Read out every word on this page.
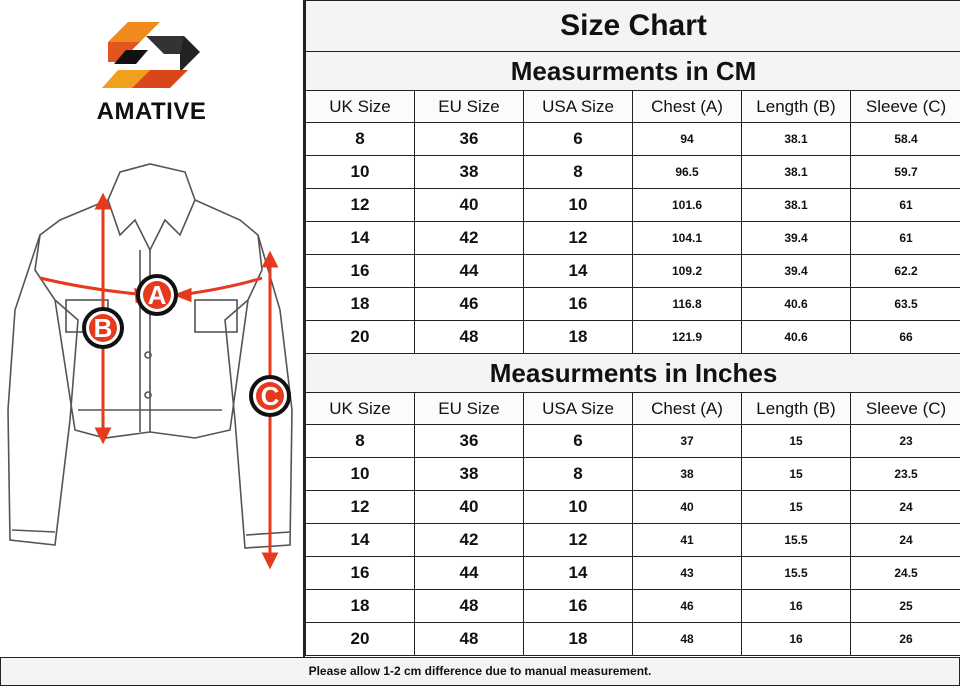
AMATIVE
A
B
C
Size Chart					
Measurments in CM					
UK Size	EU Size	USA Size	Chest (A)	Length (B)	Sleeve (C)
8	36	6	94	38.1	58.4
10	38	8	96.5	38.1	59.7
12	40	10	101.6	38.1	61
14	42	12	104.1	39.4	61
16	44	14	109.2	39.4	62.2
18	46	16	116.8	40.6	63.5
20	48	18	121.9	40.6	66
Measurments in Inches					
UK Size	EU Size	USA Size	Chest (A)	Length (B)	Sleeve (C)
8	36	6	37	15	23
10	38	8	38	15	23.5
12	40	10	40	15	24
14	42	12	41	15.5	24
16	44	14	43	15.5	24.5
18	48	16	46	16	25
20	48	18	48	16	26
Please allow 1-2 cm difference due to manual measurement.
